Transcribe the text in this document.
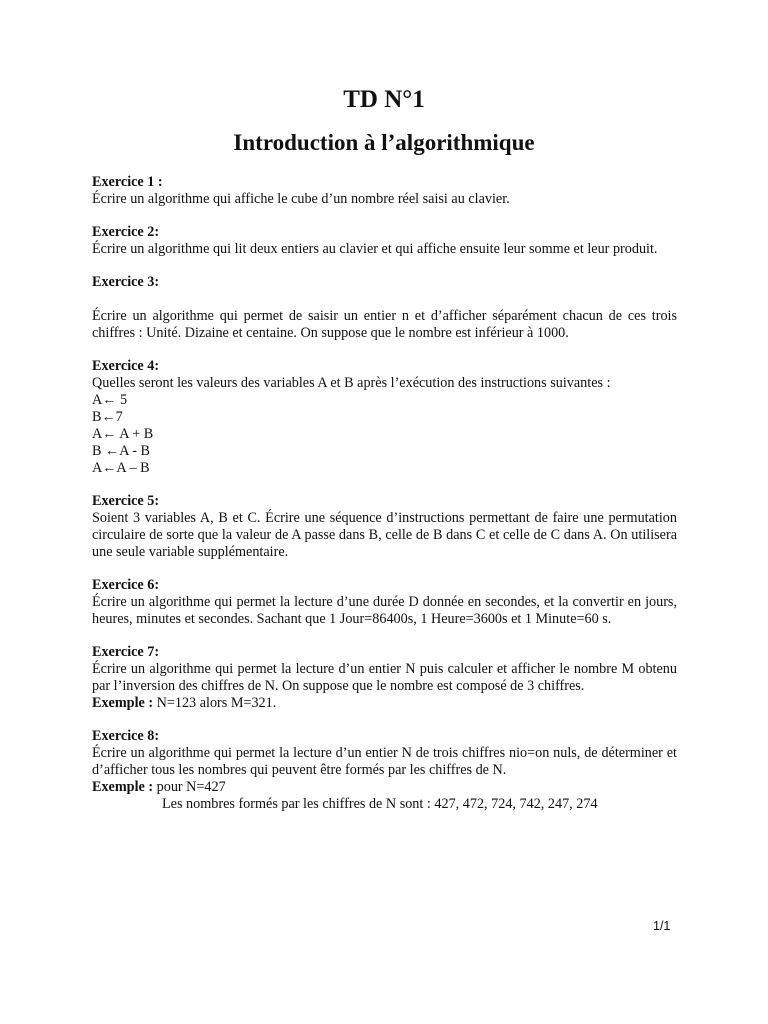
TD N°1
Introduction à l’algorithmique
Exercice 1 :
Écrire un algorithme qui affiche le cube d’un nombre réel saisi au clavier.
Exercice 2:
Écrire un algorithme qui lit deux entiers au clavier et qui affiche ensuite leur somme et leur produit.
Exercice 3:
Écrire un algorithme qui permet de saisir un entier n et d’afficher séparément chacun de ces trois chiffres : Unité. Dizaine et centaine. On suppose que le nombre est inférieur à 1000.
Exercice 4:
Quelles seront les valeurs des variables A et B après l’exécution des instructions suivantes :
A← 5
B←7
A← A + B
B ←A - B
A←A – B
Exercice 5:
Soient 3 variables A, B et C. Écrire une séquence d’instructions permettant de faire une permutation circulaire de sorte que la valeur de A passe dans B, celle de B dans C et celle de C dans A. On utilisera une seule variable supplémentaire.
Exercice 6:
Écrire un algorithme qui permet la lecture d’une durée D donnée en secondes, et la convertir en jours, heures, minutes et secondes. Sachant que 1 Jour=86400s, 1 Heure=3600s et 1 Minute=60 s.
Exercice 7:
Écrire un algorithme qui permet la lecture d’un entier N puis calculer et afficher le nombre M obtenu par l’inversion des chiffres de N. On suppose que le nombre est composé de 3 chiffres.
Exemple : N=123 alors M=321.
Exercice 8:
Écrire un algorithme qui permet la lecture d’un entier N de trois chiffres nio=on nuls, de déterminer et d’afficher tous les nombres qui peuvent être formés par les chiffres de N.
Exemple : pour N=427
Les nombres formés par les chiffres de N sont : 427, 472, 724, 742, 247, 274
1/1
